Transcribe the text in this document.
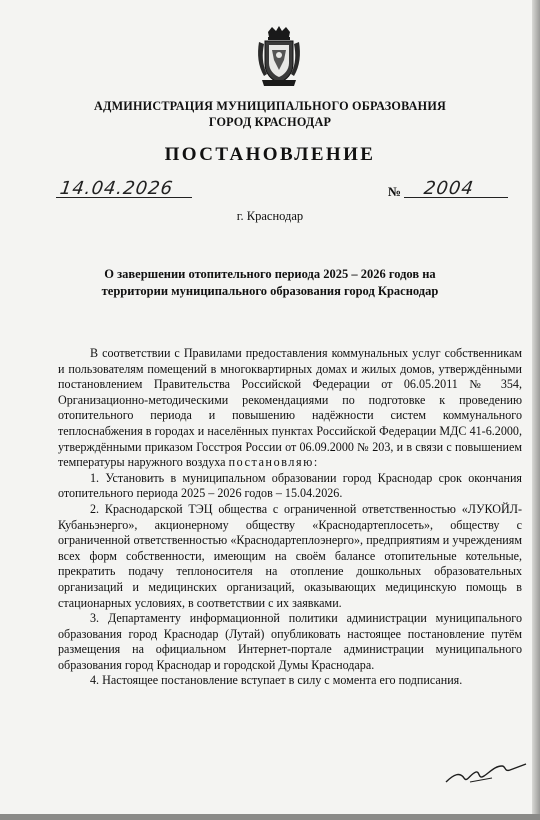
АДМИНИСТРАЦИЯ МУНИЦИПАЛЬНОГО ОБРАЗОВАНИЯ
ГОРОД КРАСНОДАР
ПОСТАНОВЛЕНИЕ
14.04.2026	№ 2004
г. Краснодар
О завершении отопительного периода 2025 – 2026 годов на
территории муниципального образования город Краснодар

В соответствии с Правилами предоставления коммунальных услуг собственникам и пользователям помещений в многоквартирных домах и жилых домов, утверждёнными постановлением Правительства Российской Федерации от 06.05.2011 № 354, Организационно-методическими рекомендациями по подготовке к проведению отопительного периода и повышению надёжности систем коммунального теплоснабжения в городах и населённых пунктах Российской Федерации МДС 41-6.2000, утверждёнными приказом Госстроя России от 06.09.2000 № 203, и в связи с повышением температуры наружного воздуха постановляю:

1. Установить в муниципальном образовании город Краснодар срок окончания отопительного периода 2025 – 2026 годов – 15.04.2026.

2. Краснодарской ТЭЦ общества с ограниченной ответственностью «ЛУКОЙЛ-Кубаньэнерго», акционерному обществу «Краснодартеплосеть», обществу с ограниченной ответственностью «Краснодартеплоэнерго», предприятиям и учреждениям всех форм собственности, имеющим на своём балансе отопительные котельные, прекратить подачу теплоносителя на отопление дошкольных образовательных организаций и медицинских организаций, оказывающих медицинскую помощь в стационарных условиях, в соответствии с их заявками.

3. Департаменту информационной политики администрации муниципального образования город Краснодар (Лутай) опубликовать настоящее постановление путём размещения на официальном Интернет-портале администрации муниципального образования город Краснодар и городской Думы Краснодара.

4. Настоящее постановление вступает в силу с момента его подписания.
